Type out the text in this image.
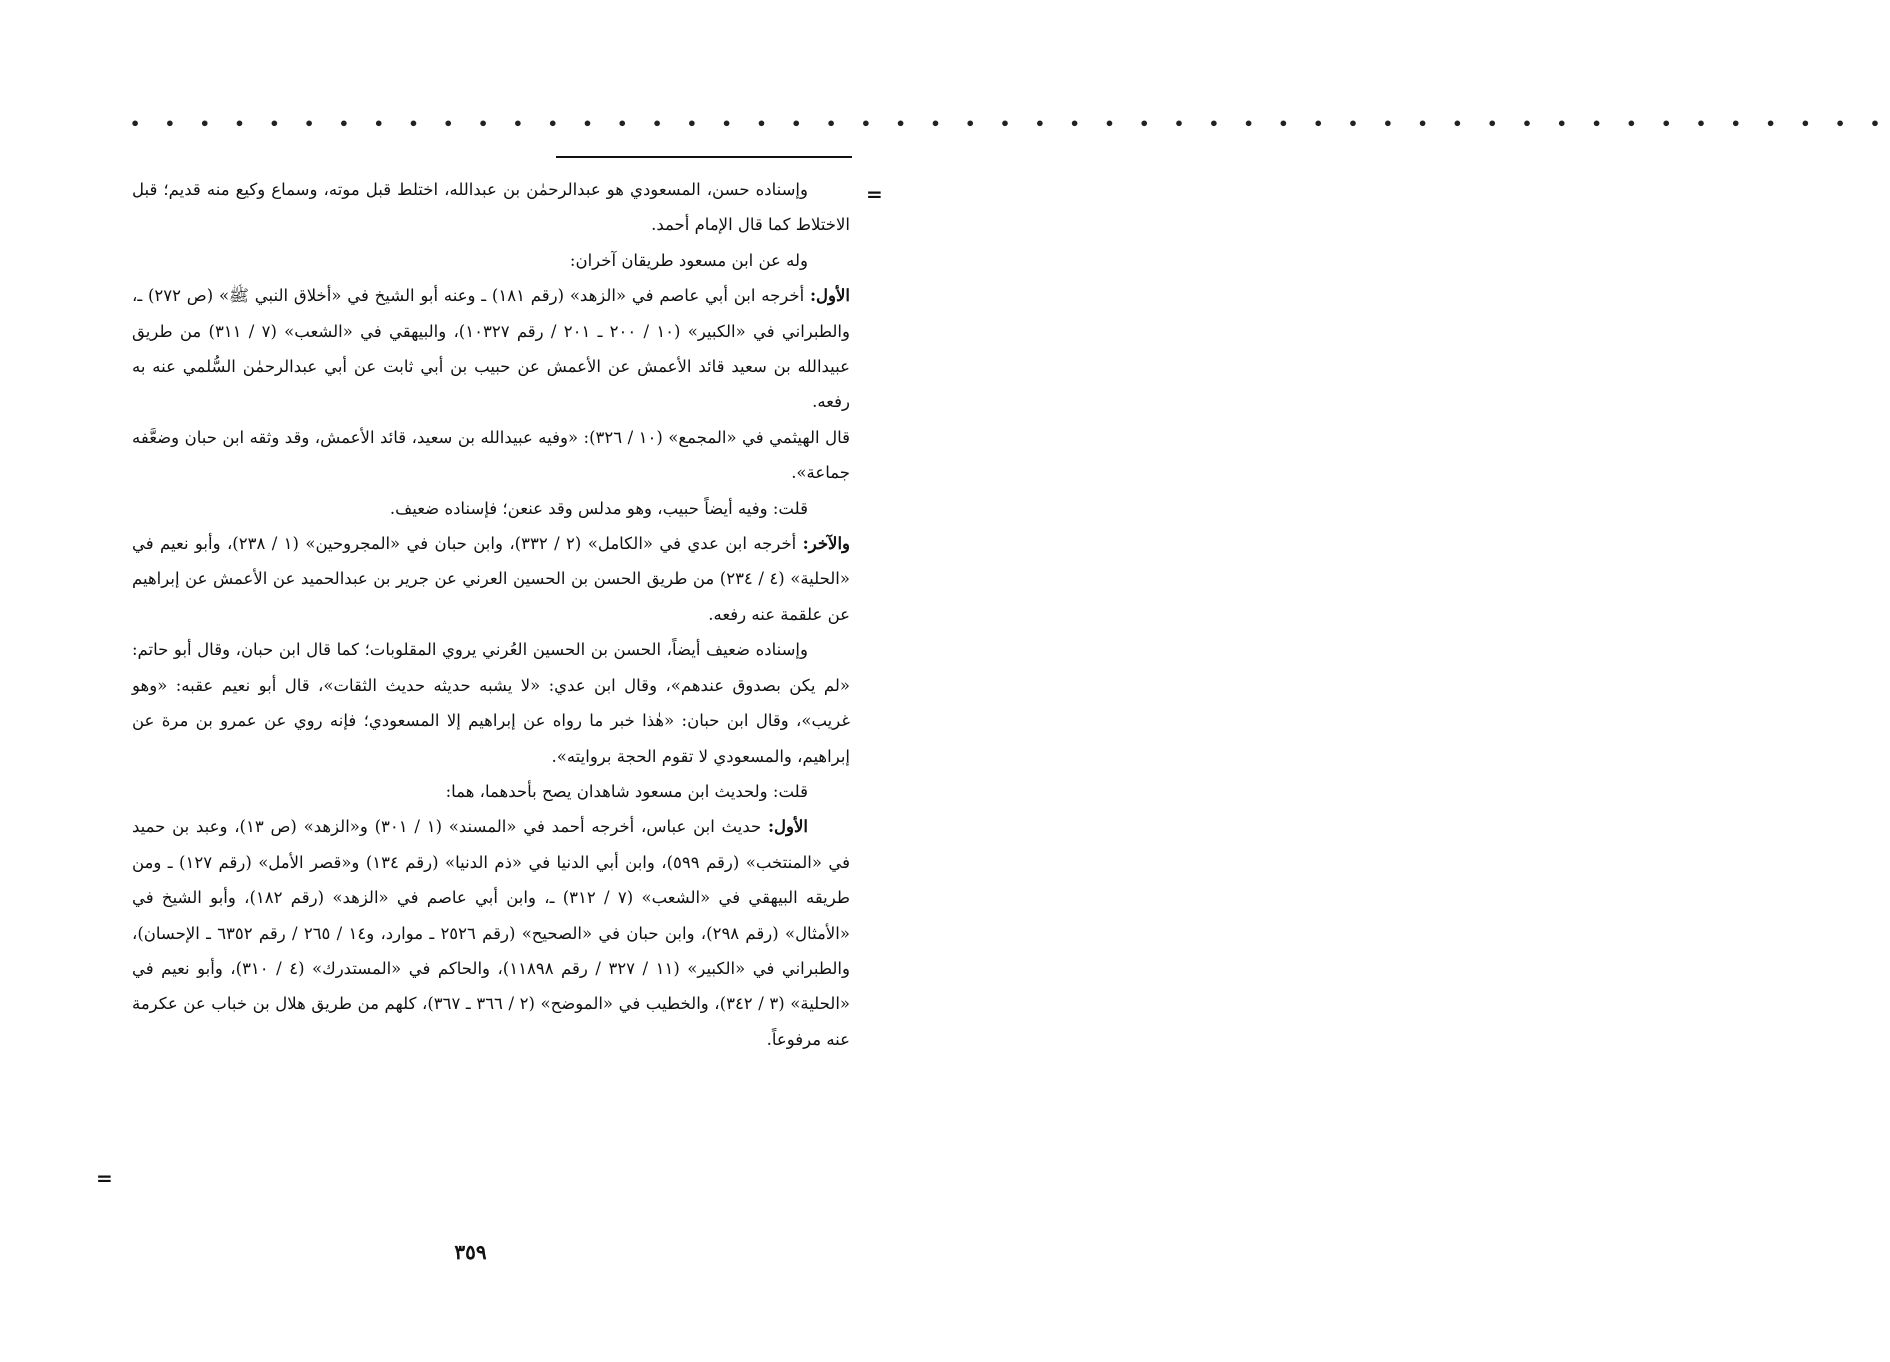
• • • • • • • • • • • • • • • • • • • • • • • • • • • • • • • • • • • • • • • • • • • • • • • • • • •
=

وإسناده حسن، المسعودي هو عبدالرحمٰن بن عبدالله، اختلط قبل موته، وسماع وكيع منه قديم؛ قبل الاختلاط كما قال الإمام أحمد.

وله عن ابن مسعود طريقان آخران:

الأول: أخرجه ابن أبي عاصم في «الزهد» (رقم ١٨١) ـ وعنه أبو الشيخ في «أخلاق النبي ﷺ» (ص ٢٧٢) ـ، والطبراني في «الكبير» (١٠ / ٢٠٠ ـ ٢٠١ / رقم ١٠٣٢٧)، والبيهقي في «الشعب» (٧ / ٣١١) من طريق عبيدالله بن سعيد قائد الأعمش عن الأعمش عن حبيب بن أبي ثابت عن أبي عبدالرحمٰن السُّلمي عنه به رفعه.

قال الهيثمي في «المجمع» (١٠ / ٣٢٦): «وفيه عبيدالله بن سعيد، قائد الأعمش، وقد وثقه ابن حبان وضعَّفه جماعة».

قلت: وفيه أيضاً حبيب، وهو مدلس وقد عنعن؛ فإسناده ضعيف.

والآخر: أخرجه ابن عدي في «الكامل» (٢ / ٣٣٢)، وابن حبان في «المجروحين» (١ / ٢٣٨)، وأبو نعيم في «الحلية» (٤ / ٢٣٤) من طريق الحسن بن الحسين العرني عن جرير بن عبدالحميد عن الأعمش عن إبراهيم عن علقمة عنه رفعه.

وإسناده ضعيف أيضاً، الحسن بن الحسين العُرني يروي المقلوبات؛ كما قال ابن حبان، وقال أبو حاتم: «لم يكن بصدوق عندهم»، وقال ابن عدي: «لا يشبه حديثه حديث الثقات»، قال أبو نعيم عقبه: «وهو غريب»، وقال ابن حبان: «هٰذا خبر ما رواه عن إبراهيم إلا المسعودي؛ فإنه روي عن عمرو بن مرة عن إبراهيم، والمسعودي لا تقوم الحجة بروايته».

قلت: ولحديث ابن مسعود شاهدان يصح بأحدهما، هما:

الأول: حديث ابن عباس، أخرجه أحمد في «المسند» (١ / ٣٠١) و«الزهد» (ص ١٣)، وعبد بن حميد في «المنتخب» (رقم ٥٩٩)، وابن أبي الدنيا في «ذم الدنيا» (رقم ١٣٤) و«قصر الأمل» (رقم ١٢٧) ـ ومن طريقه البيهقي في «الشعب» (٧ / ٣١٢) ـ، وابن أبي عاصم في «الزهد» (رقم ١٨٢)، وأبو الشيخ في «الأمثال» (رقم ٢٩٨)، وابن حبان في «الصحيح» (رقم ٢٥٢٦ ـ موارد، و١٤ / ٢٦٥ / رقم ٦٣٥٢ ـ الإحسان)، والطبراني في «الكبير» (١١ / ٣٢٧ / رقم ١١٨٩٨)، والحاكم في «المستدرك» (٤ / ٣١٠)، وأبو نعيم في «الحلية» (٣ / ٣٤٢)، والخطيب في «الموضح» (٢ / ٣٦٦ ـ ٣٦٧)، كلهم من طريق هلال بن خباب عن عكرمة عنه مرفوعاً.

=
٣٥٩
